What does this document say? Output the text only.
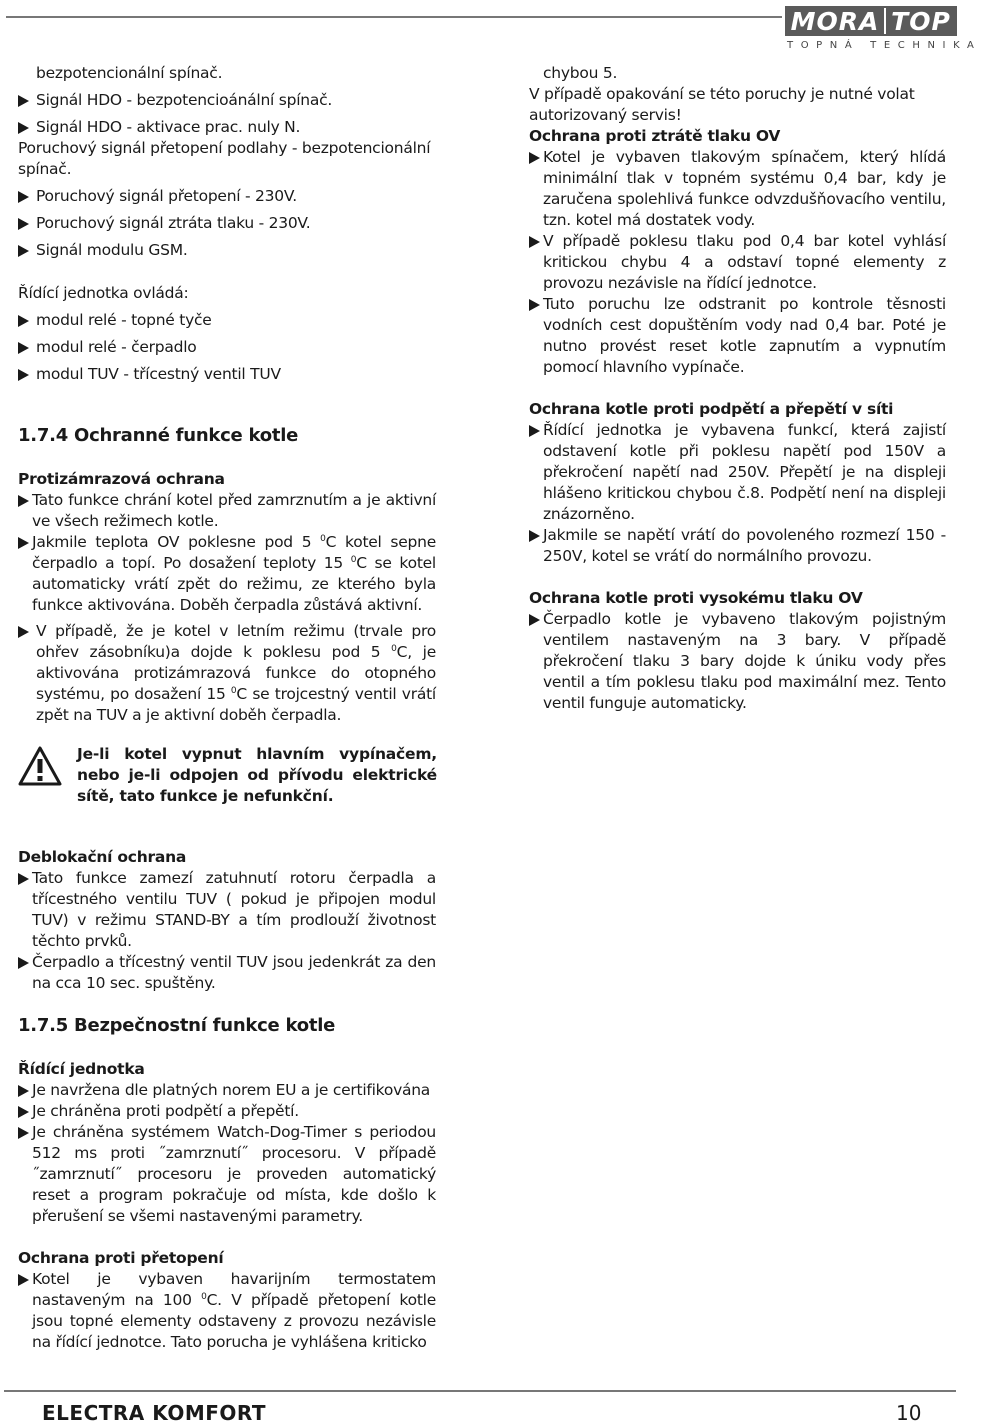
MORA TOP
TOPNÁ TECHNIKA

bezpotencionální spínač.

Signál HDO - bezpotencioánální spínač.

Signál HDO - aktivace prac. nuly N.

Poruchový signál přetopení podlahy - bezpotencionální spínač.

Poruchový signál přetopení - 230V.

Poruchový signál ztráta tlaku - 230V.

Signál modulu GSM.

Řídící jednotka ovládá:

modul relé - topné tyče

modul relé - čerpadlo

modul TUV - třícestný ventil TUV

1.7.4 Ochranné funkce kotle

Protizámrazová ochrana

Tato funkce chrání kotel před zamrznutím a je aktivní ve všech režimech kotle.

Jakmile teplota OV poklesne pod 5 $^0$C kotel sepne čerpadlo a topí. Po dosažení teploty 15 $^0$C se kotel automaticky vrátí zpět do režimu, ze kterého byla funkce aktivována. Doběh čerpadla zůstává aktivní.

V případě, že je kotel v letním režimu (trvale pro ohřev zásobníku)a dojde k poklesu pod 5 $^0$C, je aktivována protizámrazová funkce do otopného systému, po dosažení 15 $^0$C se trojcestný ventil vrátí zpět na TUV a je aktivní doběh čerpadla.

Je-li kotel vypnut hlavním vypínačem, nebo je-li odpojen od přívodu elektrické sítě, tato funkce je nefunkční.

Deblokační ochrana

Tato funkce zamezí zatuhnutí rotoru čerpadla a třícestného ventilu TUV ( pokud je připojen modul TUV) v režimu STAND-BY a tím prodlouží životnost těchto prvků.

Čerpadlo a třícestný ventil TUV jsou jedenkrát za den na cca 10 sec. spuštěny.

1.7.5 Bezpečnostní funkce kotle

Řídící jednotka

Je navržena dle platných norem EU a je certifikována

Je chráněna proti podpětí a přepětí.

Je chráněna systémem Watch-Dog-Timer s periodou 512 ms proti ˝zamrznutí˝ procesoru. V případě ˝zamrznutí˝ procesoru je proveden automatický reset a program pokračuje od místa, kde došlo k přerušení se všemi nastavenými parametry.

Ochrana proti přetopení

Kotel je vybaven havarijním termostatem nastaveným na 100 $^0$C. V případě přetopení kotle jsou topné elementy odstaveny z provozu nezávisle na řídící jednotce. Tato porucha je vyhlášena kriticko

chybou 5.

V případě opakování se této poruchy je nutné volat autorizovaný servis!

Ochrana proti ztrátě tlaku OV

Kotel je vybaven tlakovým spínačem, který hlídá minimální tlak v topném systému 0,4 bar, kdy je zaručena spolehlivá funkce odvzdušňovacího ventilu, tzn. kotel má dostatek vody.

V případě poklesu tlaku pod 0,4 bar kotel vyhlásí kritickou chybu 4 a odstaví topné elementy z provozu nezávisle na řídící jednotce.

Tuto poruchu lze odstranit po kontrole těsnosti vodních cest dopuštěním vody nad 0,4 bar. Poté je nutno provést reset kotle zapnutím a vypnutím pomocí hlavního vypínače.

Ochrana kotle proti podpětí a přepětí v síti

Řídící jednotka je vybavena funkcí, která zajistí odstavení kotle při poklesu napětí pod 150V a překročení napětí nad 250V. Přepětí je na displeji hlášeno kritickou chybou č.8. Podpětí není na displeji znázorněno.

Jakmile se napětí vrátí do povoleného rozmezí 150 - 250V, kotel se vrátí do normálního provozu.

Ochrana kotle proti vysokému tlaku OV

Čerpadlo kotle je vybaveno tlakovým pojistným ventilem nastaveným na 3 bary. V případě překročení tlaku 3 bary dojde k úniku vody přes ventil a tím poklesu tlaku pod maximální mez. Tento ventil funguje automaticky.

ELECTRA KOMFORT	10
